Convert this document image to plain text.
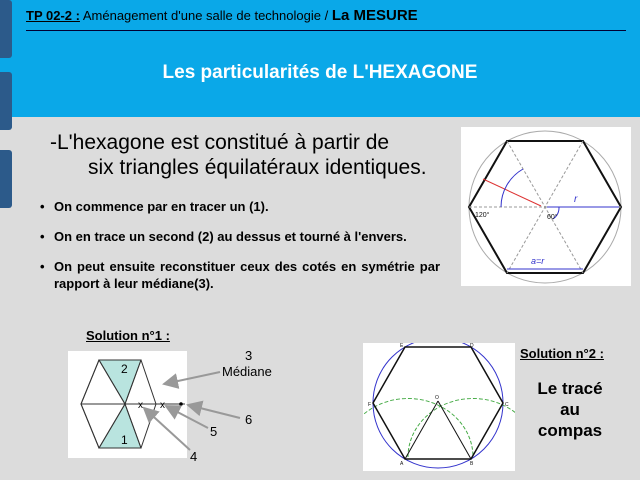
TP 02-2 : Aménagement d'une salle de technologie / La MESURE
Les particularités de L'HEXAGONE
-L'hexagone est constitué à partir de
six triangles équilatéraux identiques.
• On commence par en tracer un (1).
• On en trace un second (2) au dessus et tourné à l'envers.
• On peut ensuite reconstituer ceux des cotés en symétrie par rapport à leur médiane(3).
r
a=r
120°	60°
Solution n°1 :
2
1
x x
3
Médiane
6
5
4
E	D
F
O
C
A	B
Solution n°2 :
Le tracé
au
compas
